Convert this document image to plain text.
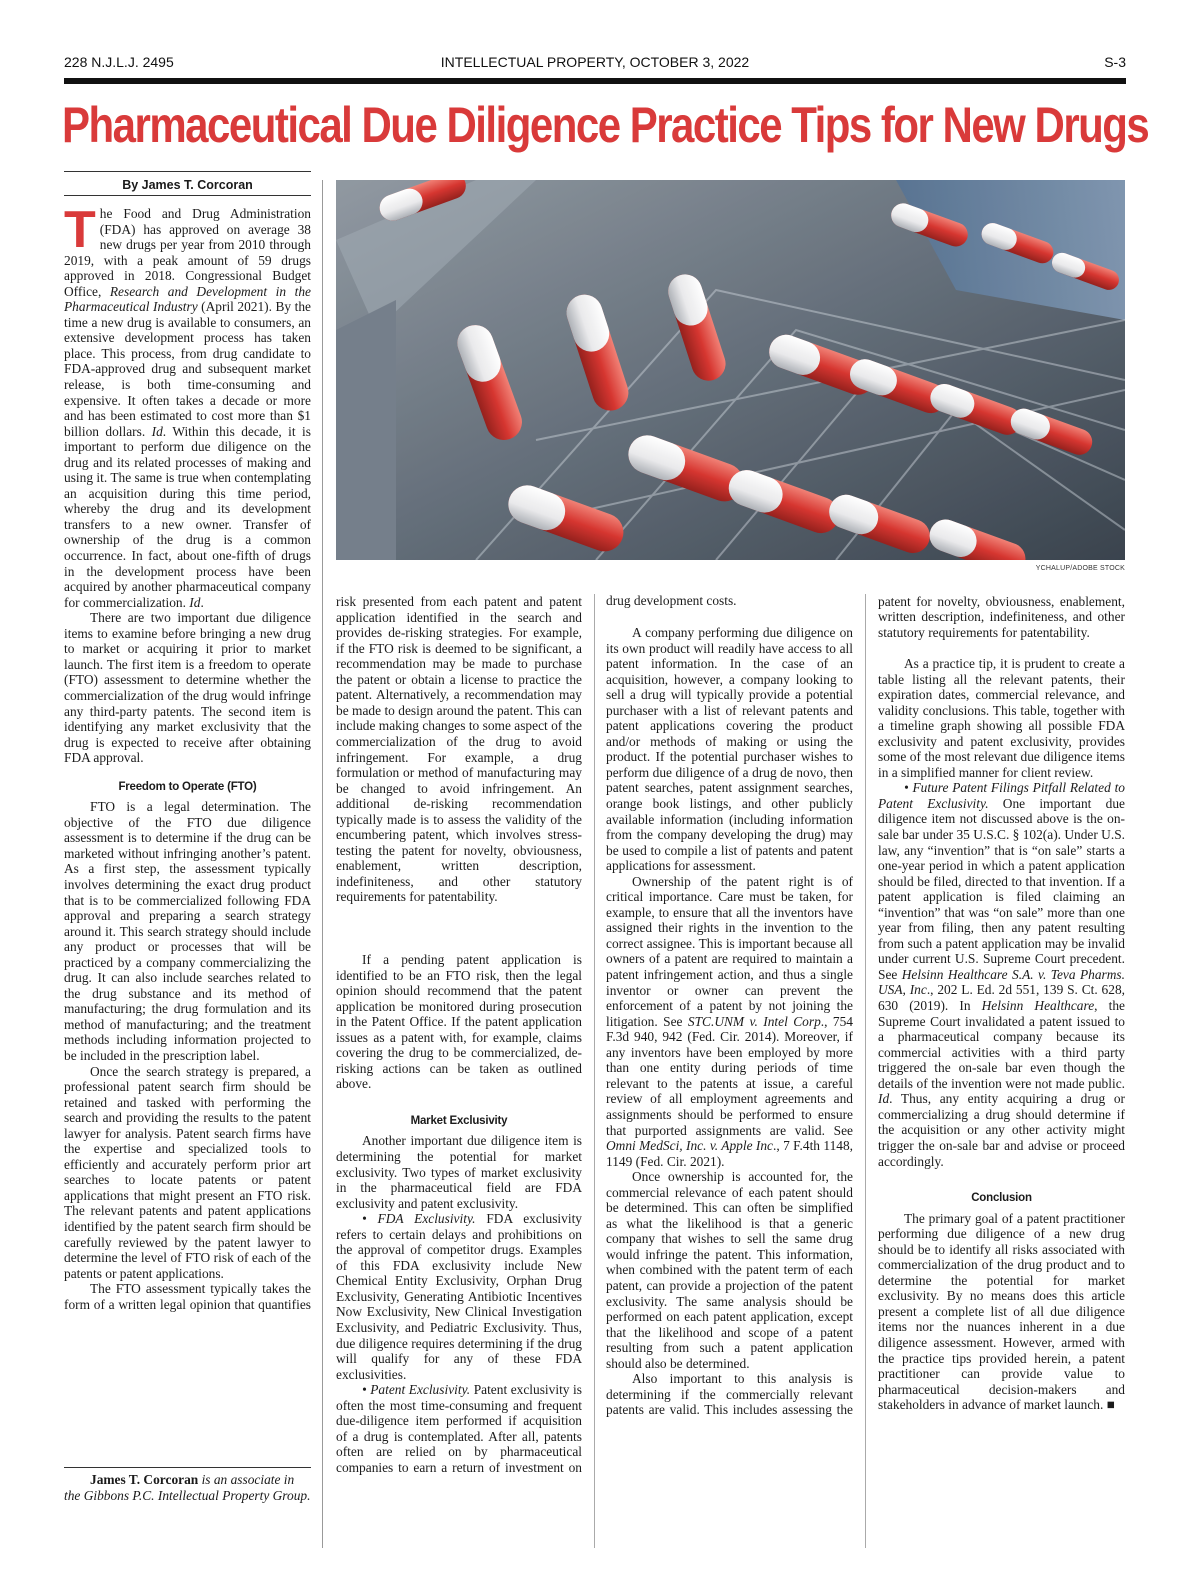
228 N.J.L.J. 2495	INTELLECTUAL PROPERTY, OCTOBER 3, 2022	S-3
Pharmaceutical Due Diligence Practice Tips for New Drugs
By James T. Corcoran

The Food and Drug Administration (FDA) has approved on average 38 new drugs per year from 2010 through 2019, with a peak amount of 59 drugs approved in 2018. Congressional Budget Office, Research and Development in the Pharmaceutical Industry (April 2021). By the time a new drug is available to consumers, an extensive development process has taken place. This process, from drug candidate to FDA-approved drug and subsequent market release, is both time-consuming and expensive. It often takes a decade or more and has been estimated to cost more than $1 billion dollars. Id. Within this decade, it is important to perform due diligence on the drug and its related processes of making and using it. The same is true when contemplating an acquisition during this time period, whereby the drug and its development transfers to a new owner. Transfer of ownership of the drug is a common occurrence. In fact, about one-fifth of drugs in the development process have been acquired by another pharmaceutical company for commercialization. Id.

There are two important due diligence items to examine before bringing a new drug to market or acquiring it prior to market launch. The first item is a freedom to operate (FTO) assessment to determine whether the commercialization of the drug would infringe any third-party patents. The second item is identifying any market exclusivity that the drug is expected to receive after obtaining FDA approval.

Freedom to Operate (FTO)

FTO is a legal determination. The objective of the FTO due diligence assessment is to determine if the drug can be marketed without infringing another’s patent. As a first step, the assessment typically involves determining the exact drug product that is to be commercialized following FDA approval and preparing a search strategy around it. This search strategy should include any product or processes that will be practiced by a company commercializing the drug. It can also include searches related to the drug substance and its method of manufacturing; the drug formulation and its method of manufacturing; and the treatment methods including information projected to be included in the prescription label.

Once the search strategy is prepared, a professional patent search firm should be retained and tasked with performing the search and providing the results to the patent lawyer for analysis. Patent search firms have the expertise and specialized tools to efficiently and accurately perform prior art searches to locate patents or patent applications that might present an FTO risk. The relevant patents and patent applications identified by the patent search firm should be carefully reviewed by the patent lawyer to determine the level of FTO risk of each of the patents or patent applications.

The FTO assessment typically takes the form of a written legal opinion that quantifies

James T. Corcoran is an associate in the Gibbons P.C. Intellectual Property Group.
YCHALUP/ADOBE STOCK

risk presented from each patent and patent application identified in the search and provides de-risking strategies. For example, if the FTO risk is deemed to be significant, a recommendation may be made to purchase the patent or obtain a license to practice the patent. Alternatively, a recommendation may be made to design around the patent. This can include making changes to some aspect of the commercialization of the drug to avoid infringement. For example, a drug formulation or method of manufacturing may be changed to avoid infringement. An additional de-risking recommendation typically made is to assess the validity of the encumbering patent, which involves stress-testing the patent for novelty, obviousness, enablement, written description, indefiniteness, and other statutory requirements for patentability.

If a pending patent application is identified to be an FTO risk, then the legal opinion should recommend that the patent application be monitored during prosecution in the Patent Office. If the patent application issues as a patent with, for example, claims covering the drug to be commercialized, de-risking actions can be taken as outlined above.

Market Exclusivity

Another important due diligence item is determining the potential for market exclusivity. Two types of market exclusivity in the pharmaceutical field are FDA exclusivity and patent exclusivity.

• FDA Exclusivity. FDA exclusivity refers to certain delays and prohibitions on the approval of competitor drugs. Examples of this FDA exclusivity include New Chemical Entity Exclusivity, Orphan Drug Exclusivity, Generating Antibiotic Incentives Now Exclusivity, New Clinical Investigation Exclusivity, and Pediatric Exclusivity. Thus, due diligence requires determining if the drug will qualify for any of these FDA exclusivities.

• Patent Exclusivity. Patent exclusivity is often the most time-consuming and frequent due-diligence item performed if acquisition of a drug is contemplated. After all, patents often are relied on by pharmaceutical companies to earn a return of investment on

drug development costs.

A company performing due diligence on its own product will readily have access to all patent information. In the case of an acquisition, however, a company looking to sell a drug will typically provide a potential purchaser with a list of relevant patents and patent applications covering the product and/or methods of making or using the product. If the potential purchaser wishes to perform due diligence of a drug de novo, then patent searches, patent assignment searches, orange book listings, and other publicly available information (including information from the company developing the drug) may be used to compile a list of patents and patent applications for assessment.

Ownership of the patent right is of critical importance. Care must be taken, for example, to ensure that all the inventors have assigned their rights in the invention to the correct assignee. This is important because all owners of a patent are required to maintain a patent infringement action, and thus a single inventor or owner can prevent the enforcement of a patent by not joining the litigation. See STC.UNM v. Intel Corp., 754 F.3d 940, 942 (Fed. Cir. 2014). Moreover, if any inventors have been employed by more than one entity during periods of time relevant to the patents at issue, a careful review of all employment agreements and assignments should be performed to ensure that purported assignments are valid. See Omni MedSci, Inc. v. Apple Inc., 7 F.4th 1148, 1149 (Fed. Cir. 2021).

Once ownership is accounted for, the commercial relevance of each patent should be determined. This can often be simplified as what the likelihood is that a generic company that wishes to sell the same drug would infringe the patent. This information, when combined with the patent term of each patent, can provide a projection of the patent exclusivity. The same analysis should be performed on each patent application, except that the likelihood and scope of a patent resulting from such a patent application should also be determined.

Also important to this analysis is determining if the commercially relevant patents are valid. This includes assessing the

patent for novelty, obviousness, enablement, written description, indefiniteness, and other statutory requirements for patentability.

As a practice tip, it is prudent to create a table listing all the relevant patents, their expiration dates, commercial relevance, and validity conclusions. This table, together with a timeline graph showing all possible FDA exclusivity and patent exclusivity, provides some of the most relevant due diligence items in a simplified manner for client review.

• Future Patent Filings Pitfall Related to Patent Exclusivity. One important due diligence item not discussed above is the on-sale bar under 35 U.S.C. § 102(a). Under U.S. law, any “invention” that is “on sale” starts a one-year period in which a patent application should be filed, directed to that invention. If a patent application is filed claiming an “invention” that was “on sale” more than one year from filing, then any patent resulting from such a patent application may be invalid under current U.S. Supreme Court precedent. See Helsinn Healthcare S.A. v. Teva Pharms. USA, Inc., 202 L. Ed. 2d 551, 139 S. Ct. 628, 630 (2019). In Helsinn Healthcare, the Supreme Court invalidated a patent issued to a pharmaceutical company because its commercial activities with a third party triggered the on-sale bar even though the details of the invention were not made public. Id. Thus, any entity acquiring a drug or commercializing a drug should determine if the acquisition or any other activity might trigger the on-sale bar and advise or proceed accordingly.

Conclusion

The primary goal of a patent practitioner performing due diligence of a new drug should be to identify all risks associated with commercialization of the drug product and to determine the potential for market exclusivity. By no means does this article present a complete list of all due diligence items nor the nuances inherent in a due diligence assessment. However, armed with the practice tips provided herein, a patent practitioner can provide value to pharmaceutical decision-makers and stakeholders in advance of market launch. ■
